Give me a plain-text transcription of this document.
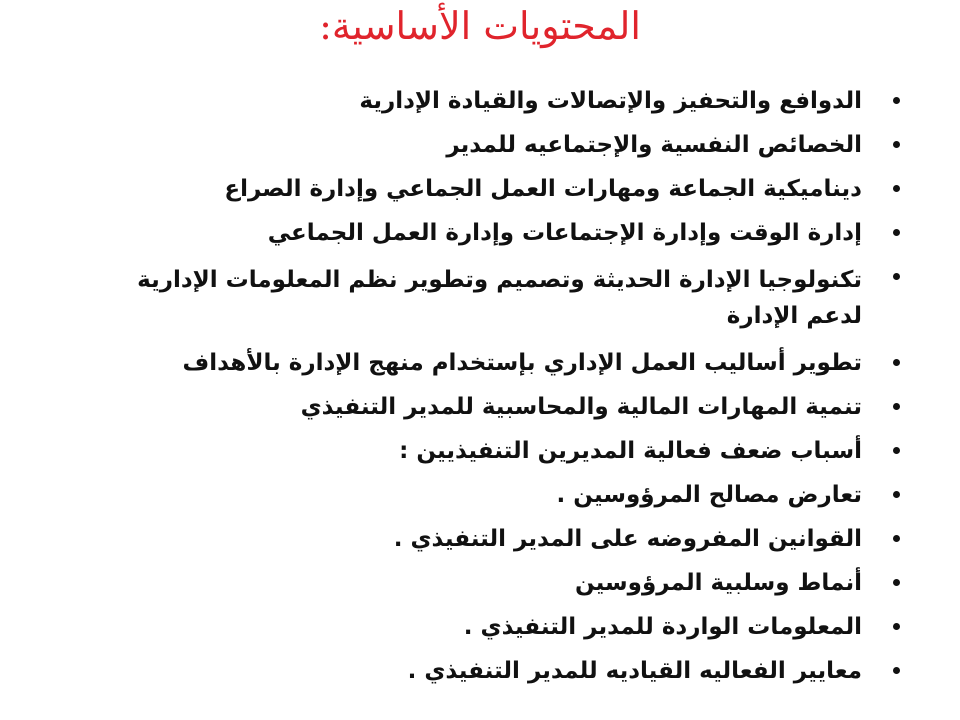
المحتويات الأساسية:
الدوافع والتحفيز والإتصالات والقيادة الإدارية
الخصائص النفسية والإجتماعيه للمدير
ديناميكية الجماعة ومهارات العمل الجماعي وإدارة الصراع
إدارة الوقت وإدارة الإجتماعات وإدارة العمل الجماعي
تكنولوجيا الإدارة الحديثة وتصميم وتطوير نظم المعلومات الإدارية لدعم الإدارة
تطوير أساليب العمل الإداري بإستخدام منهج الإدارة بالأهداف
تنمية المهارات المالية والمحاسبية للمدير التنفيذي
أسباب ضعف فعالية المديرين التنفيذيين :
تعارض مصالح المرؤوسين .
القوانين المفروضه على المدير التنفيذي .
أنماط وسلبية المرؤوسين
المعلومات الواردة للمدير التنفيذي .
معايير الفعاليه القياديه للمدير التنفيذي .
